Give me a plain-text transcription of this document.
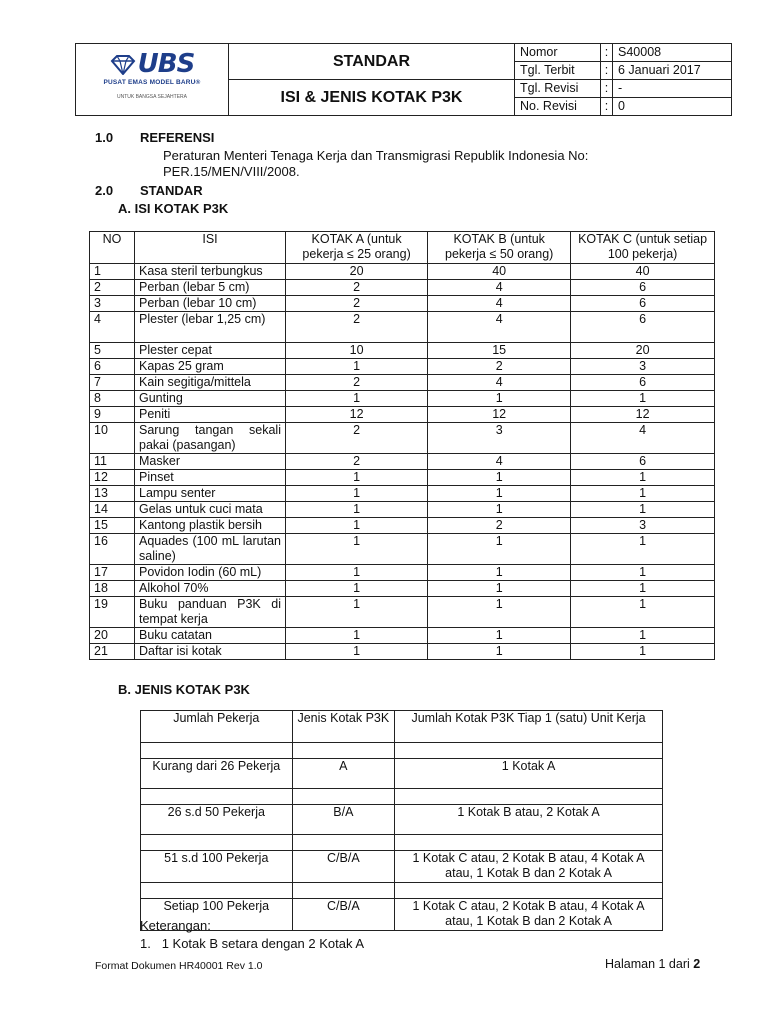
UBS
PUSAT EMAS MODEL BARU®
UNTUK BANGSA SEJAHTERA	STANDAR	Nomor	:	S40008
		Tgl. Terbit	:	6 Januari 2017
	ISI & JENIS KOTAK P3K	Tgl. Revisi	:	-
		No. Revisi	:	0
1.0 REFERENSI
Peraturan Menteri Tenaga Kerja dan Transmigrasi Republik Indonesia No: PER.15/MEN/VIII/2008.
2.0 STANDAR
A. ISI KOTAK P3K
NO	ISI	KOTAK A (untuk pekerja ≤ 25 orang)	KOTAK B (untuk pekerja ≤ 50 orang)	KOTAK C (untuk setiap 100 pekerja)
1	Kasa steril terbungkus	20	40	40
2	Perban (lebar 5 cm)	2	4	6
3	Perban (lebar 10 cm)	2	4	6
4	Plester (lebar 1,25 cm)	2	4	6
5	Plester cepat	10	15	20
6	Kapas 25 gram	1	2	3
7	Kain segitiga/mittela	2	4	6
8	Gunting	1	1	1
9	Peniti	12	12	12
10	Sarung tangan sekali pakai (pasangan)	2	3	4
11	Masker	2	4	6
12	Pinset	1	1	1
13	Lampu senter	1	1	1
14	Gelas untuk cuci mata	1	1	1
15	Kantong plastik bersih	1	2	3
16	Aquades (100 mL larutan saline)	1	1	1
17	Povidon Iodin (60 mL)	1	1	1
18	Alkohol 70%	1	1	1
19	Buku panduan P3K di tempat kerja	1	1	1
20	Buku catatan	1	1	1
21	Daftar isi kotak	1	1	1
B. JENIS KOTAK P3K
Jumlah Pekerja	Jenis Kotak P3K	Jumlah Kotak P3K Tiap 1 (satu) Unit Kerja

Kurang dari 26 Pekerja	A	1 Kotak A

26 s.d 50 Pekerja	B/A	1 Kotak B atau, 2 Kotak A

51 s.d 100 Pekerja	C/B/A	1 Kotak C atau, 2 Kotak B atau, 4 Kotak A atau, 1 Kotak B dan 2 Kotak A

Setiap 100 Pekerja	C/B/A	1 Kotak C atau, 2 Kotak B atau, 4 Kotak A atau, 1 Kotak B dan 2 Kotak A
Keterangan:
1. 1 Kotak B setara dengan 2 Kotak A
Format Dokumen HR40001 Rev 1.0	Halaman 1 dari 2
